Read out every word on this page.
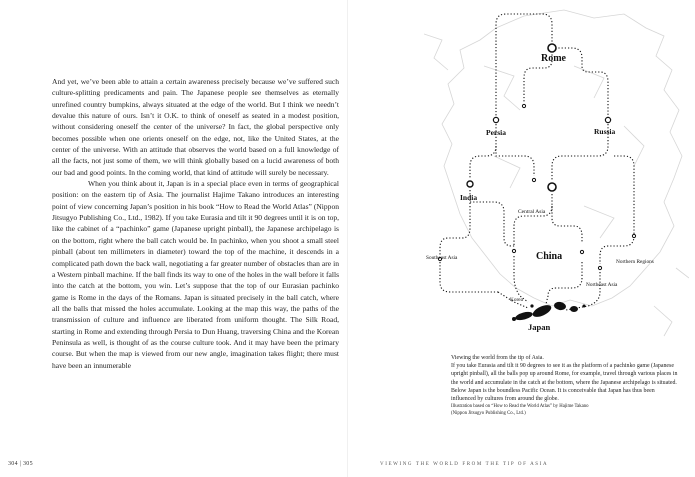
And yet, we’ve been able to attain a certain awareness precisely because we’ve suffered such culture-splitting predicaments and pain. The Japanese people see themselves as eternally unrefined country bumpkins, always situated at the edge of the world. But I think we needn’t devalue this nature of ours. Isn’t it O.K. to think of oneself as seated in a modest position, without considering oneself the center of the universe? In fact, the global perspective only becomes possible when one orients oneself on the edge, not, like the United States, at the center of the universe. With an attitude that observes the world based on a full knowledge of all the facts, not just some of them, we will think globally based on a lucid awareness of both our bad and good points. In the coming world, that kind of attitude will surely be necessary.

When you think about it, Japan is in a special place even in terms of geographical position: on the eastern tip of Asia. The journalist Hajime Takano introduces an interesting point of view concerning Japan’s position in his book “How to Read the World Atlas” (Nippon Jitsugyo Publishing Co., Ltd., 1982). If you take Eurasia and tilt it 90 degrees until it is on top, like the cabinet of a “pachinko” game (Japanese upright pinball), the Japanese archipelago is on the bottom, right where the ball catch would be. In pachinko, when you shoot a small steel pinball (about ten millimeters in diameter) toward the top of the machine, it descends in a complicated path down the back wall, negotiating a far greater number of obstacles than are in a Western pinball machine. If the ball finds its way to one of the holes in the wall before it falls into the catch at the bottom, you win. Let’s suppose that the top of our Eurasian pachinko game is Rome in the days of the Romans. Japan is situated precisely in the ball catch, where all the balls that missed the holes accumulate. Looking at the map this way, the paths of the transmission of culture and influence are liberated from uniform thought. The Silk Road, starting in Rome and extending through Persia to Dun Huang, traversing China and the Korean Peninsula as well, is thought of as the course culture took. And it may have been the primary course. But when the map is viewed from our new angle, imagination takes flight; there must have been an innumerable

304 | 305	VIEWING THE WORLD FROM THE TIP OF ASIA
Rome
Persia	Russia
India
Central Asia
Southeast Asia	China	Northern Regions
Northeast Asia
Korea
Japan

Viewing the world from the tip of Asia.

If you take Eurasia and tilt it 90 degrees to see it as the platform of a pachinko game (Japanese upright pinball), all the balls pop up around Rome, for example, travel through various places in the world and accumulate in the catch at the bottom, where the Japanese archipelago is situated. Below Japan is the boundless Pacific Ocean. It is conceivable that Japan has thus been influenced by cultures from around the globe.

Illustration based on “How to Read the World Atlas” by Hajime Takano

(Nippon Jitsugyo Publishing Co., Ltd.)
